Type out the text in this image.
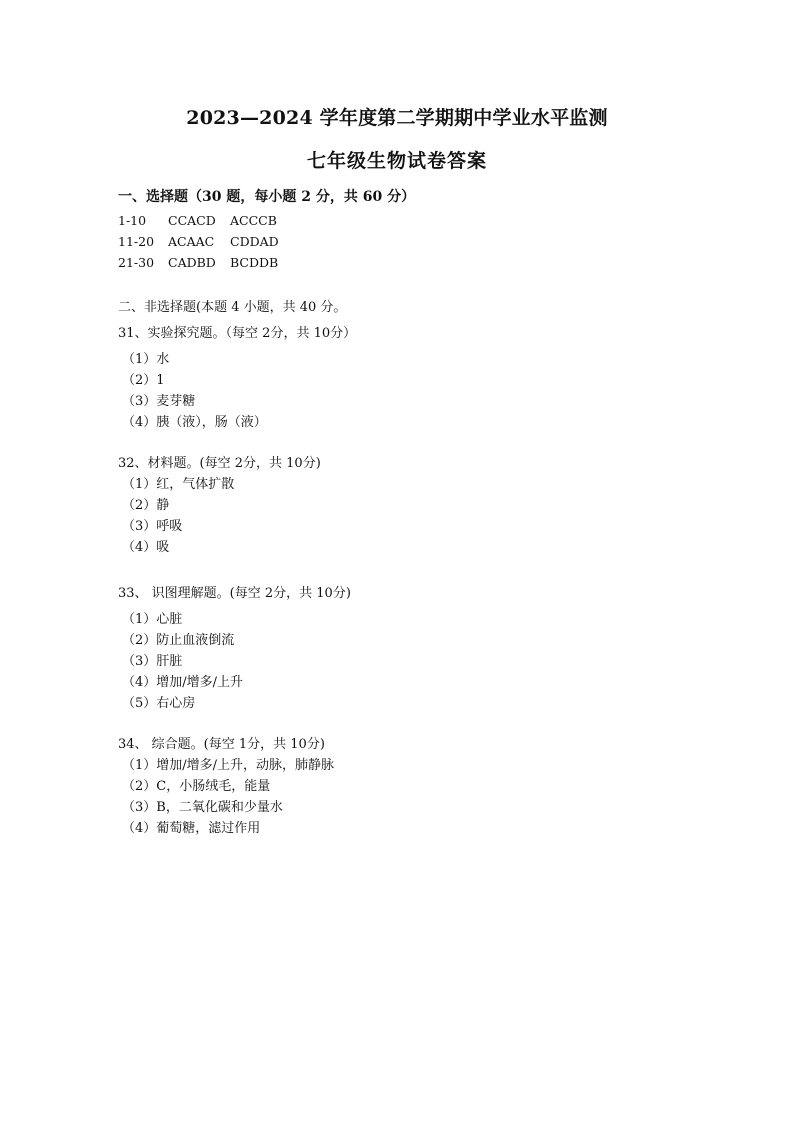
2023—2024 学年度第二学期期中学业水平监测
七年级生物试卷答案
一、选择题（30 题，每小题 2 分，共 60 分）
1-10 CCACD ACCCB
11-20 ACAAC CDDAD
21-30 CADBD BCDDB
二、非选择题(本题 4 小题，共 40 分。
31、实验探究题。（每空 2分，共 10分）
（1）水
（2）1
（3）麦芽糖
（4）胰（液），肠（液）
32、材料题。(每空 2分，共 10分)
（1）红，气体扩散
（2）静
（3）呼吸
（4）吸
33、 识图理解题。(每空 2分，共 10分)
（1）心脏
（2）防止血液倒流
（3）肝脏
（4）增加/增多/上升
（5）右心房
34、 综合题。(每空 1分，共 10分)
（1）增加/增多/上升，动脉，肺静脉
（2）C，小肠绒毛，能量
（3）B，二氧化碳和少量水
（4）葡萄糖，滤过作用
